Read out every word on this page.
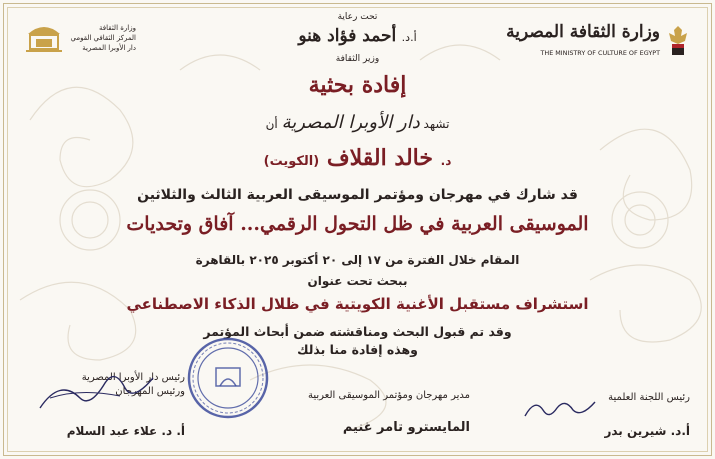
وزارة الثقافة المصرية
THE MINISTRY OF CULTURE OF EGYPT
وزارة الثقافة
المركز الثقافي القومي
دار الأوبرا المصرية
تحت رعاية
أ.د. أحمد فؤاد هنو
وزير الثقافة
إفادة بحثية
تشهد دار الأوبرا المصرية أن
د. خالد القلاف (الكويت)
قد شارك في مهرجان ومؤتمر الموسيقى العربية الثالث والثلاثين
الموسيقى العربية في ظل التحول الرقمي... آفاق وتحديات
المقام خلال الفترة من ١٧ إلى ٢٠ أكتوبر ٢٠٢٥ بالقاهرة
ببحث تحت عنوان
استشراف مستقبل الأغنية الكويتية في ظلال الذكاء الاصطناعي
وقد تم قبول البحث ومناقشته ضمن أبحاث المؤتمر
وهذه إفادة منا بذلك
رئيس اللجنة العلمية
أ.د. شيرين بدر
مدير مهرجان ومؤتمر الموسيقى العربية
المايسترو تامر غنيم
رئيس دار الأوبرا المصرية
ورئيس المهرجان
أ. د. علاء عبد السلام
